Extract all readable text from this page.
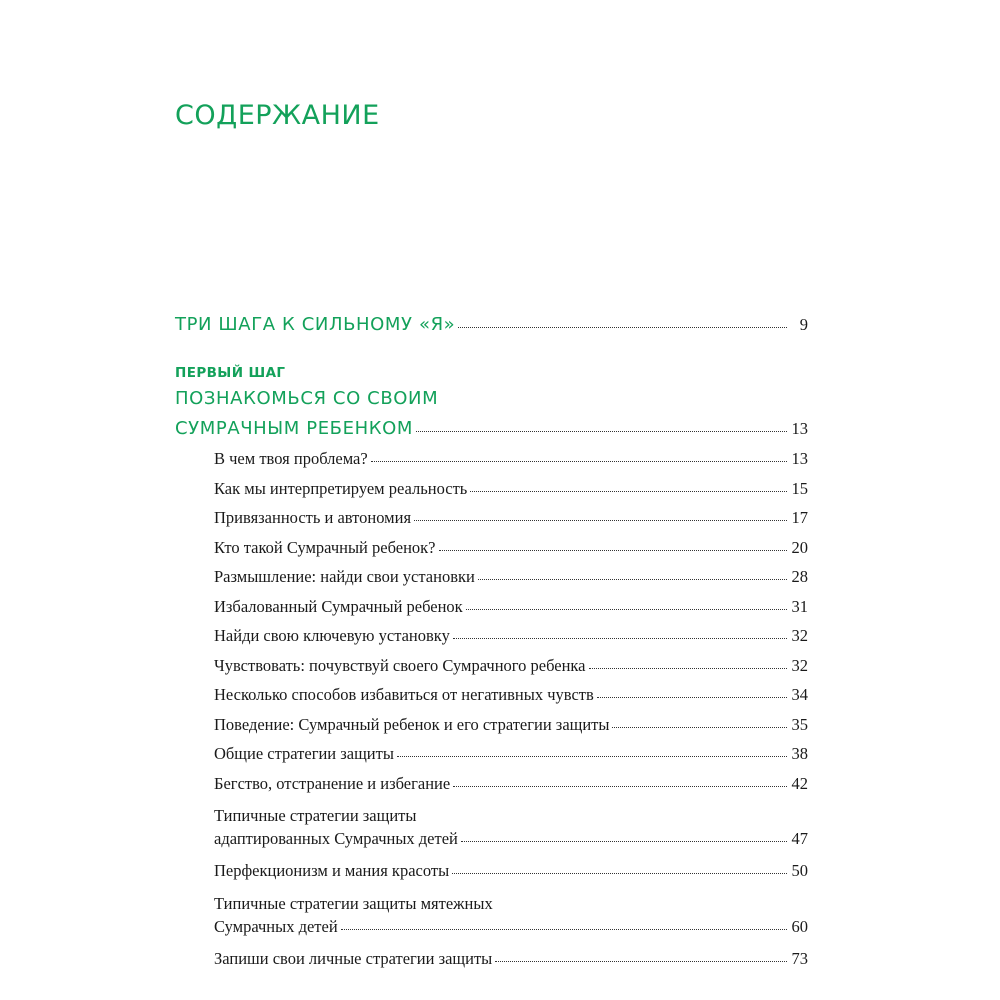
СОДЕРЖАНИЕ
ТРИ ШАГА К СИЛЬНОМУ «Я»	9
ПЕРВЫЙ ШАГ
ПОЗНАКОМЬСЯ СО СВОИМ
СУМРАЧНЫМ РЕБЕНКОМ	13
В чем твоя проблема?	13
Как мы интерпретируем реальность	15
Привязанность и автономия	17
Кто такой Сумрачный ребенок?	20
Размышление: найди свои установки	28
Избалованный Сумрачный ребенок	31
Найди свою ключевую установку	32
Чувствовать: почувствуй своего Сумрачного ребенка	32
Несколько способов избавиться от негативных чувств	34
Поведение: Сумрачный ребенок и его стратегии защиты	35
Общие стратегии защиты	38
Бегство, отстранение и избегание	42
Типичные стратегии защиты
адаптированных Сумрачных детей	47
Перфекционизм и мания красоты	50
Типичные стратегии защиты мятежных
Сумрачных детей	60
Запиши свои личные стратегии защиты	73
